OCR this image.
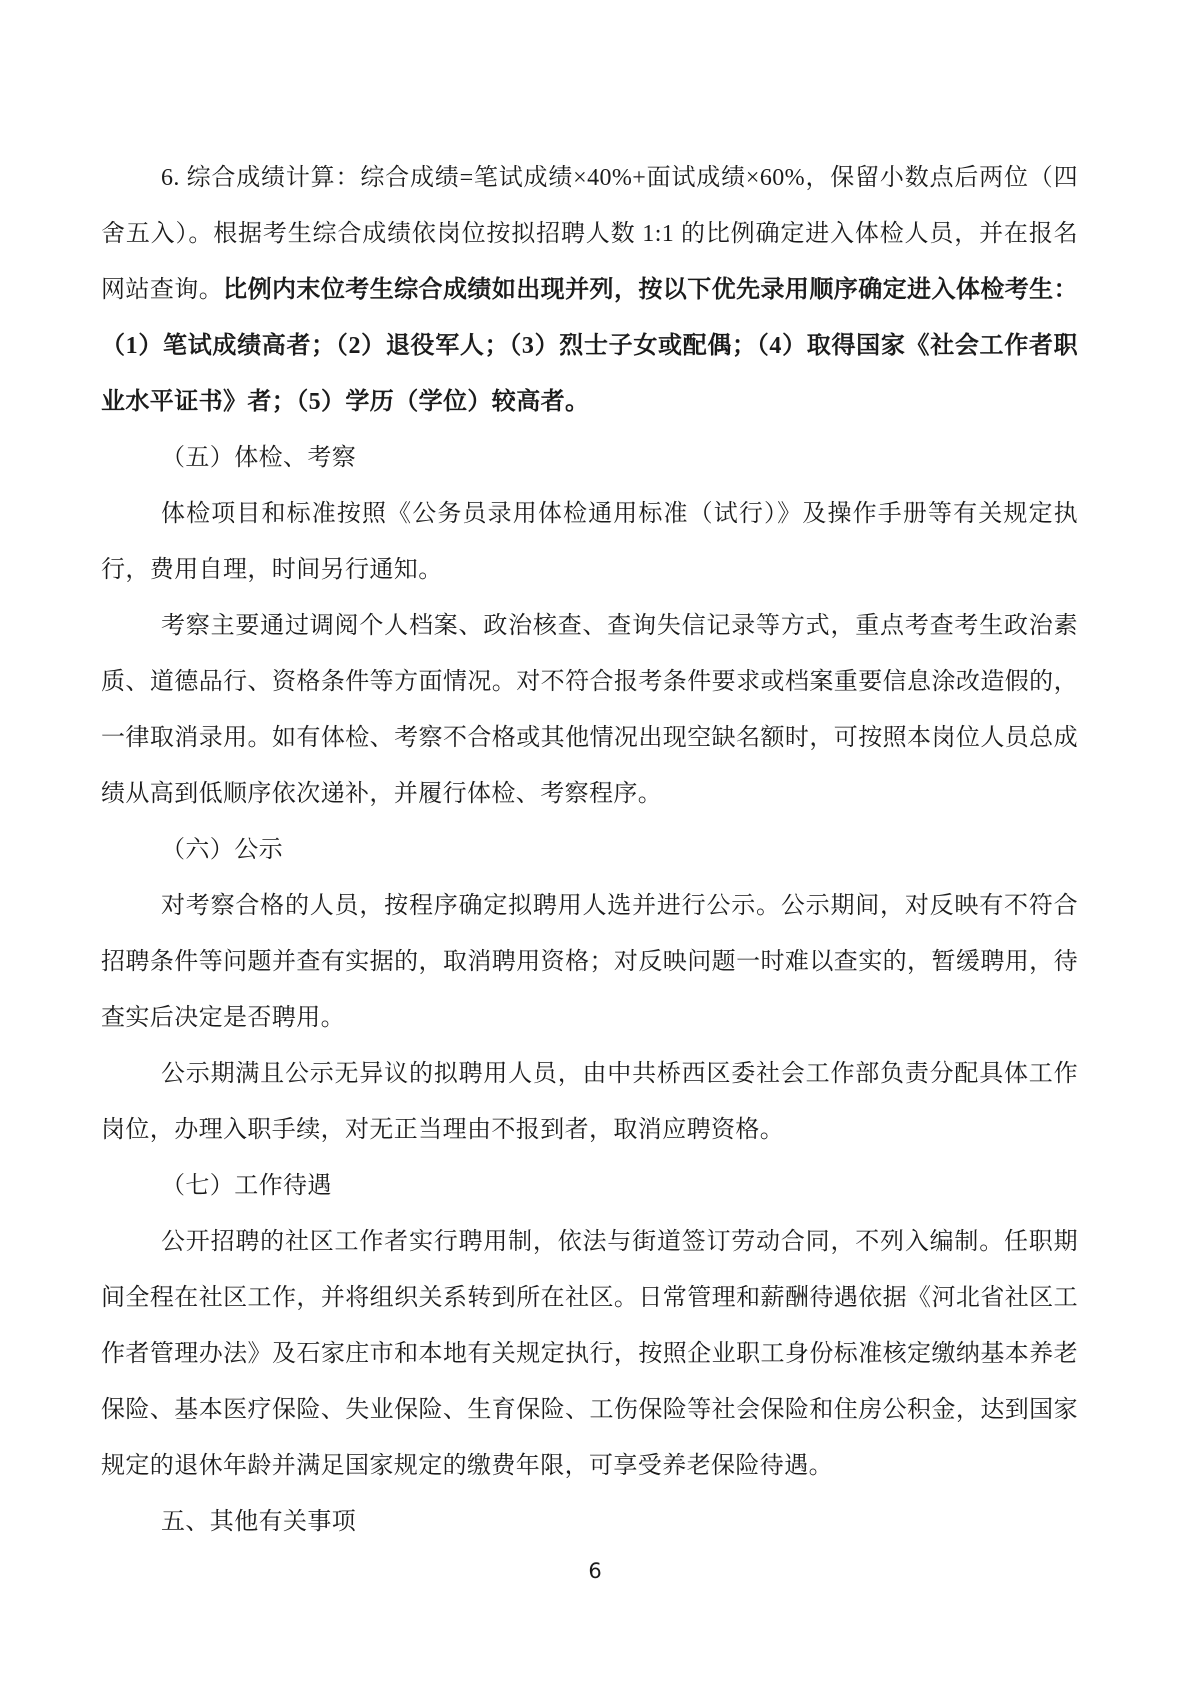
6. 综合成绩计算：综合成绩=笔试成绩×40%+面试成绩×60%，保留小数点后两位（四舍五入）。根据考生综合成绩依岗位按拟招聘人数 1:1 的比例确定进入体检人员，并在报名网站查询。比例内末位考生综合成绩如出现并列，按以下优先录用顺序确定进入体检考生：（1）笔试成绩高者；（2）退役军人；（3）烈士子女或配偶；（4）取得国家《社会工作者职业水平证书》者；（5）学历（学位）较高者。

（五）体检、考察

体检项目和标准按照《公务员录用体检通用标准（试行）》及操作手册等有关规定执行，费用自理，时间另行通知。

考察主要通过调阅个人档案、政治核查、查询失信记录等方式，重点考查考生政治素质、道德品行、资格条件等方面情况。对不符合报考条件要求或档案重要信息涂改造假的，一律取消录用。如有体检、考察不合格或其他情况出现空缺名额时，可按照本岗位人员总成绩从高到低顺序依次递补，并履行体检、考察程序。

（六）公示

对考察合格的人员，按程序确定拟聘用人选并进行公示。公示期间，对反映有不符合招聘条件等问题并查有实据的，取消聘用资格；对反映问题一时难以查实的，暂缓聘用，待查实后决定是否聘用。

公示期满且公示无异议的拟聘用人员，由中共桥西区委社会工作部负责分配具体工作岗位，办理入职手续，对无正当理由不报到者，取消应聘资格。

（七）工作待遇

公开招聘的社区工作者实行聘用制，依法与街道签订劳动合同，不列入编制。任职期间全程在社区工作，并将组织关系转到所在社区。日常管理和薪酬待遇依据《河北省社区工作者管理办法》及石家庄市和本地有关规定执行，按照企业职工身份标准核定缴纳基本养老保险、基本医疗保险、失业保险、生育保险、工伤保险等社会保险和住房公积金，达到国家规定的退休年龄并满足国家规定的缴费年限，可享受养老保险待遇。

五、其他有关事项

6
